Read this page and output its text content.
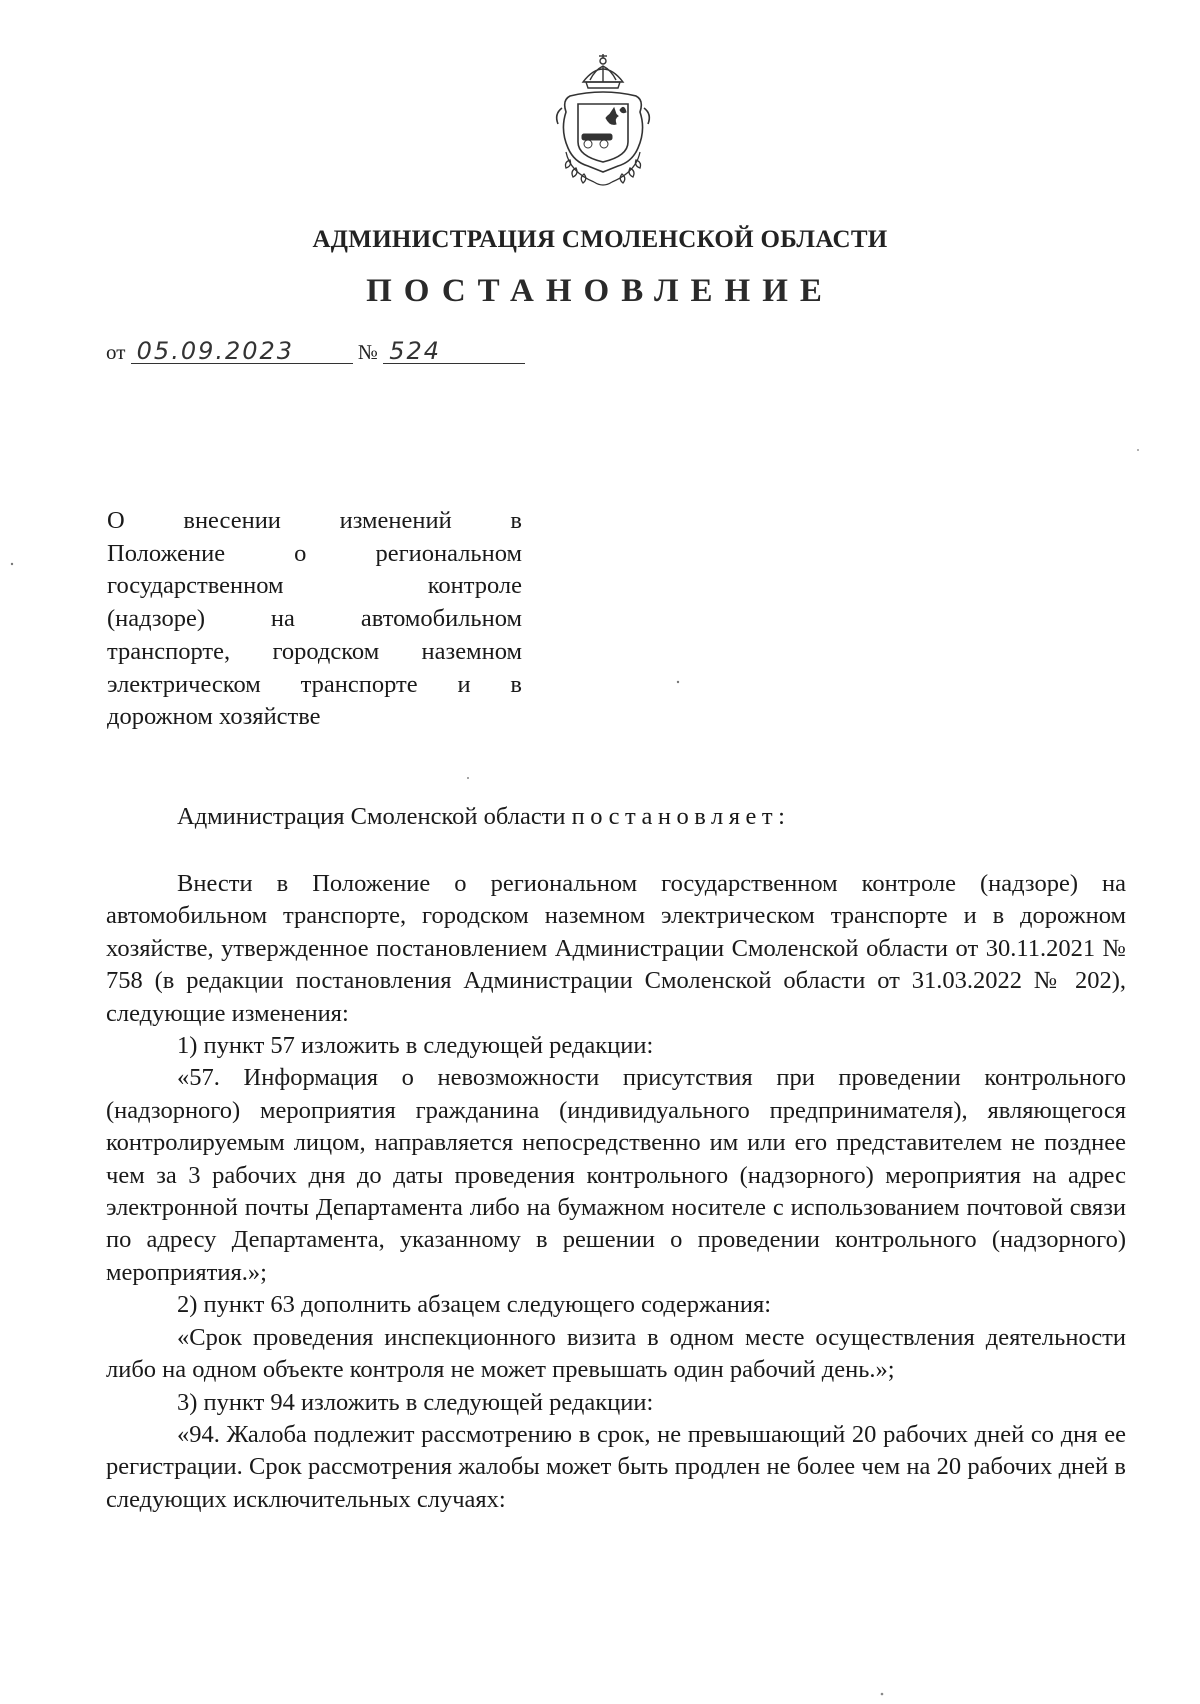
АДМИНИСТРАЦИЯ СМОЛЕНСКОЙ ОБЛАСТИ
ПОСТАНОВЛЕНИЕ
от 05.09.2023	№ 524
О внесении изменений в
Положение о региональном
государственном контроле
(надзоре) на автомобильном
транспорте, городском наземном
электрическом транспорте и в
дорожном хозяйстве
Администрация Смоленской области постановляет:

Внести в Положение о региональном государственном контроле (надзоре) на автомобильном транспорте, городском наземном электрическом транспорте и в дорожном хозяйстве, утвержденное постановлением Администрации Смоленской области от 30.11.2021 № 758 (в редакции постановления Администрации Смоленской области от 31.03.2022 № 202), следующие изменения:

1) пункт 57 изложить в следующей редакции:

«57. Информация о невозможности присутствия при проведении контрольного (надзорного) мероприятия гражданина (индивидуального предпринимателя), являющегося контролируемым лицом, направляется непосредственно им или его представителем не позднее чем за 3 рабочих дня до даты проведения контрольного (надзорного) мероприятия на адрес электронной почты Департамента либо на бумажном носителе с использованием почтовой связи по адресу Департамента, указанному в решении о проведении контрольного (надзорного) мероприятия.»;

2) пункт 63 дополнить абзацем следующего содержания:

«Срок проведения инспекционного визита в одном месте осуществления деятельности либо на одном объекте контроля не может превышать один рабочий день.»;

3) пункт 94 изложить в следующей редакции:

«94. Жалоба подлежит рассмотрению в срок, не превышающий 20 рабочих дней со дня ее регистрации. Срок рассмотрения жалобы может быть продлен не более чем на 20 рабочих дней в следующих исключительных случаях:
